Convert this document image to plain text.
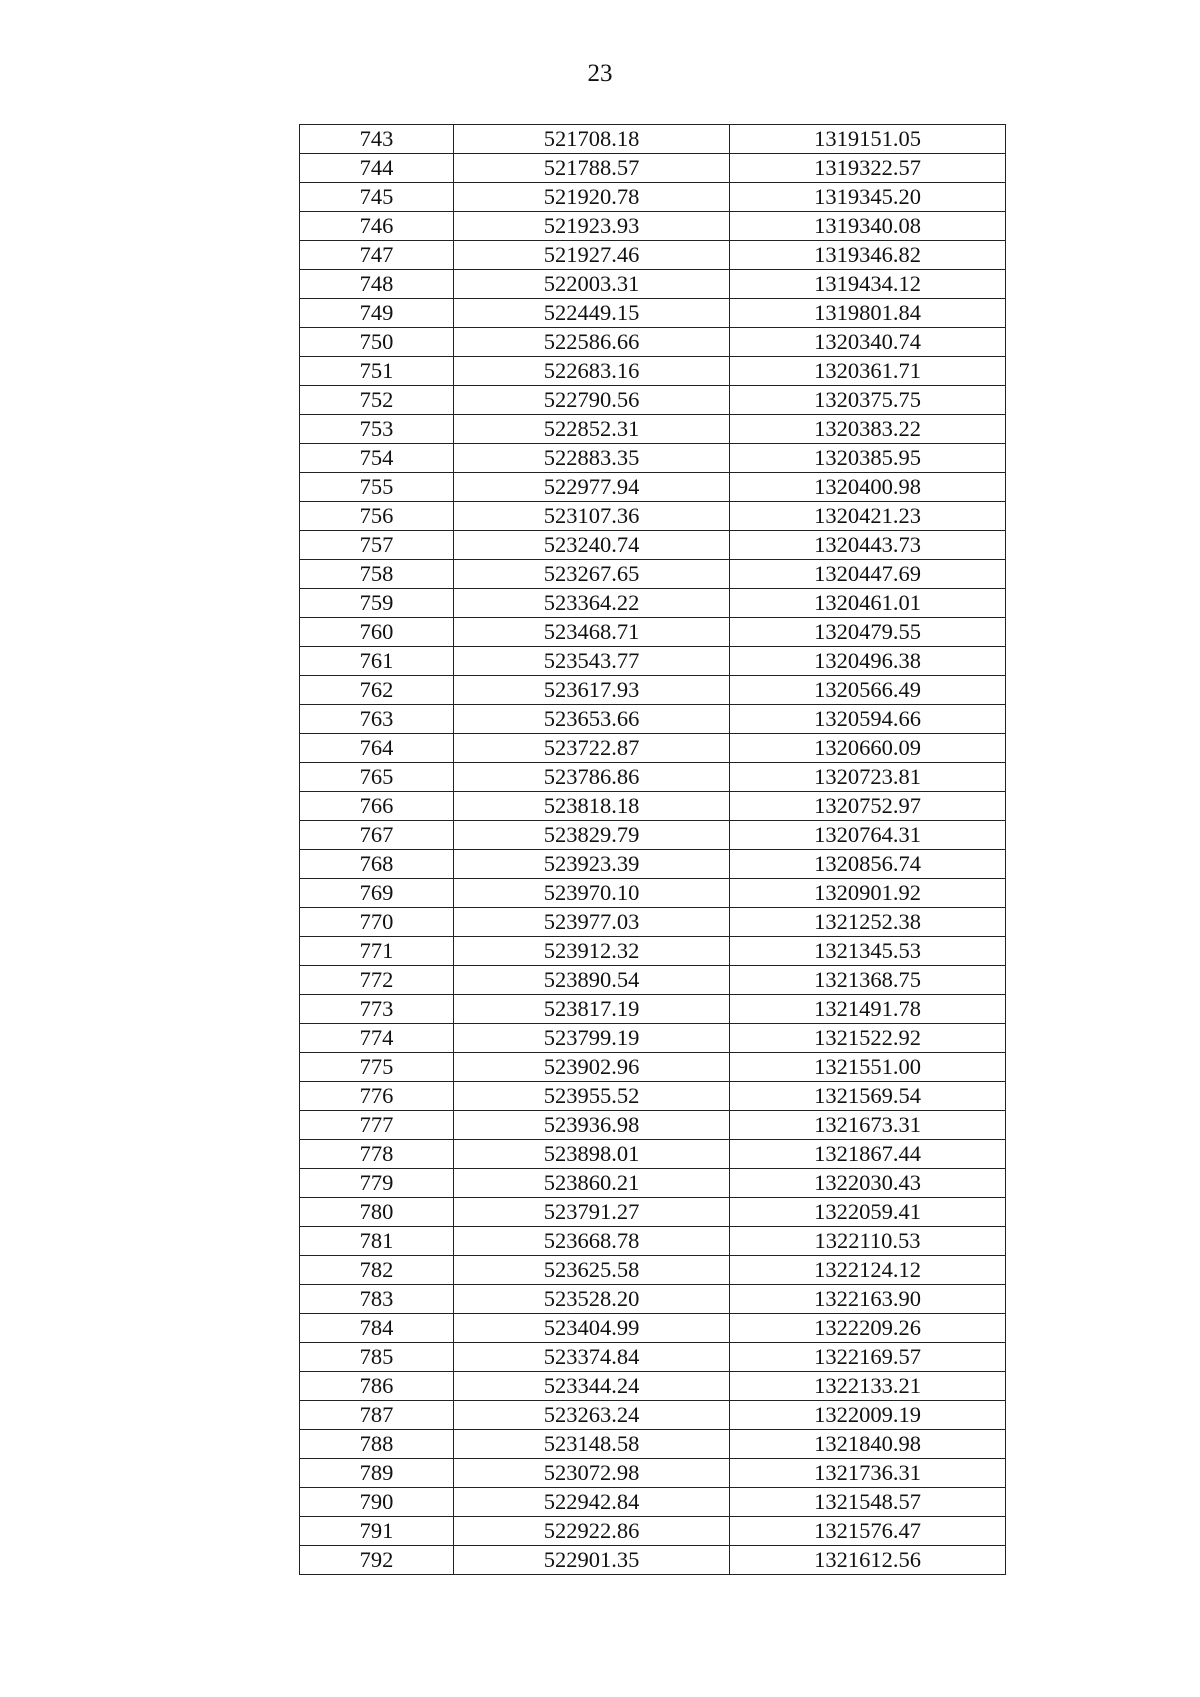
23
743	521708.18	1319151.05
744	521788.57	1319322.57
745	521920.78	1319345.20
746	521923.93	1319340.08
747	521927.46	1319346.82
748	522003.31	1319434.12
749	522449.15	1319801.84
750	522586.66	1320340.74
751	522683.16	1320361.71
752	522790.56	1320375.75
753	522852.31	1320383.22
754	522883.35	1320385.95
755	522977.94	1320400.98
756	523107.36	1320421.23
757	523240.74	1320443.73
758	523267.65	1320447.69
759	523364.22	1320461.01
760	523468.71	1320479.55
761	523543.77	1320496.38
762	523617.93	1320566.49
763	523653.66	1320594.66
764	523722.87	1320660.09
765	523786.86	1320723.81
766	523818.18	1320752.97
767	523829.79	1320764.31
768	523923.39	1320856.74
769	523970.10	1320901.92
770	523977.03	1321252.38
771	523912.32	1321345.53
772	523890.54	1321368.75
773	523817.19	1321491.78
774	523799.19	1321522.92
775	523902.96	1321551.00
776	523955.52	1321569.54
777	523936.98	1321673.31
778	523898.01	1321867.44
779	523860.21	1322030.43
780	523791.27	1322059.41
781	523668.78	1322110.53
782	523625.58	1322124.12
783	523528.20	1322163.90
784	523404.99	1322209.26
785	523374.84	1322169.57
786	523344.24	1322133.21
787	523263.24	1322009.19
788	523148.58	1321840.98
789	523072.98	1321736.31
790	522942.84	1321548.57
791	522922.86	1321576.47
792	522901.35	1321612.56
